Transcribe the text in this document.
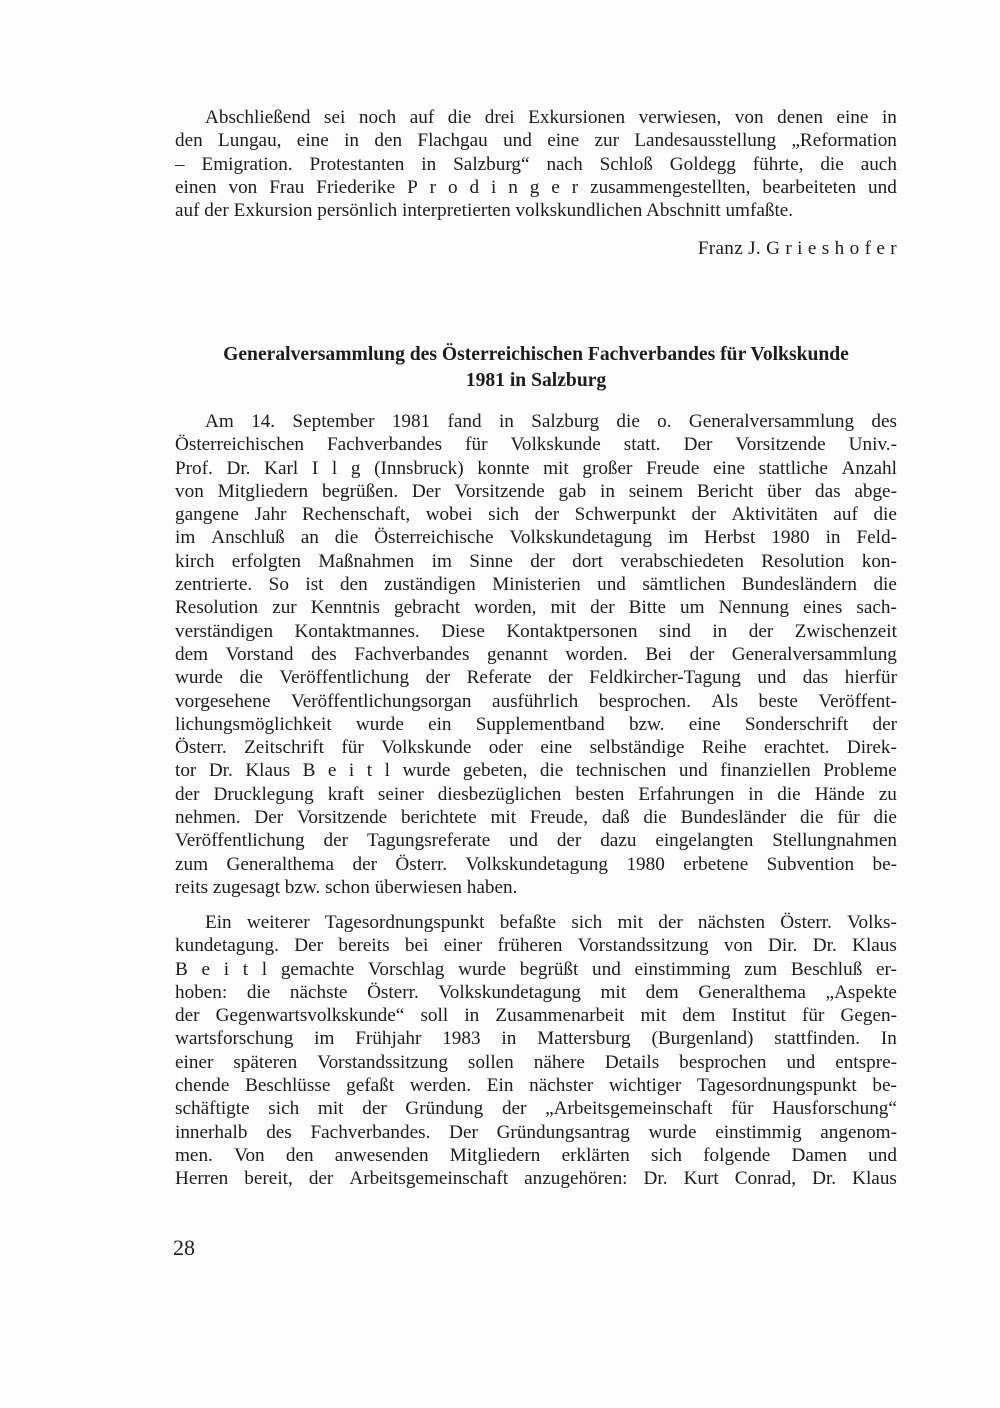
Abschließend sei noch auf die drei Exkursionen verwiesen, von denen eine in
den Lungau, eine in den Flachgau und eine zur Landesausstellung „Reformation
– Emigration. Protestanten in Salzburg“ nach Schloß Goldegg führte, die auch
einen von Frau Friederike P r o d i n g e r zusammengestellten, bearbeiteten und
auf der Exkursion persönlich interpretierten volkskundlichen Abschnitt umfaßte.
Franz J. G r i e s h o f e r
Generalversammlung des Österreichischen Fachverbandes für Volkskunde
1981 in Salzburg
Am 14. September 1981 fand in Salzburg die o. Generalversammlung des
Österreichischen Fachverbandes für Volkskunde statt. Der Vorsitzende Univ.-
Prof. Dr. Karl I l g (Innsbruck) konnte mit großer Freude eine stattliche Anzahl
von Mitgliedern begrüßen. Der Vorsitzende gab in seinem Bericht über das abge-
gangene Jahr Rechenschaft, wobei sich der Schwerpunkt der Aktivitäten auf die
im Anschluß an die Österreichische Volkskundetagung im Herbst 1980 in Feld-
kirch erfolgten Maßnahmen im Sinne der dort verabschiedeten Resolution kon-
zentrierte. So ist den zuständigen Ministerien und sämtlichen Bundesländern die
Resolution zur Kenntnis gebracht worden, mit der Bitte um Nennung eines sach-
verständigen Kontaktmannes. Diese Kontaktpersonen sind in der Zwischenzeit
dem Vorstand des Fachverbandes genannt worden. Bei der Generalversammlung
wurde die Veröffentlichung der Referate der Feldkircher-Tagung und das hierfür
vorgesehene Veröffentlichungsorgan ausführlich besprochen. Als beste Veröffent-
lichungsmöglichkeit wurde ein Supplementband bzw. eine Sonderschrift der
Österr. Zeitschrift für Volkskunde oder eine selbständige Reihe erachtet. Direk-
tor Dr. Klaus B e i t l wurde gebeten, die technischen und finanziellen Probleme
der Drucklegung kraft seiner diesbezüglichen besten Erfahrungen in die Hände zu
nehmen. Der Vorsitzende berichtete mit Freude, daß die Bundesländer die für die
Veröffentlichung der Tagungsreferate und der dazu eingelangten Stellungnahmen
zum Generalthema der Österr. Volkskundetagung 1980 erbetene Subvention be-
reits zugesagt bzw. schon überwiesen haben.
Ein weiterer Tagesordnungspunkt befaßte sich mit der nächsten Österr. Volks-
kundetagung. Der bereits bei einer früheren Vorstandssitzung von Dir. Dr. Klaus
B e i t l gemachte Vorschlag wurde begrüßt und einstimming zum Beschluß er-
hoben: die nächste Österr. Volkskundetagung mit dem Generalthema „Aspekte
der Gegenwartsvolkskunde“ soll in Zusammenarbeit mit dem Institut für Gegen-
wartsforschung im Frühjahr 1983 in Mattersburg (Burgenland) stattfinden. In
einer späteren Vorstandssitzung sollen nähere Details besprochen und entspre-
chende Beschlüsse gefaßt werden. Ein nächster wichtiger Tagesordnungspunkt be-
schäftigte sich mit der Gründung der „Arbeitsgemeinschaft für Hausforschung“
innerhalb des Fachverbandes. Der Gründungsantrag wurde einstimmig angenom-
men. Von den anwesenden Mitgliedern erklärten sich folgende Damen und
Herren bereit, der Arbeitsgemeinschaft anzugehören: Dr. Kurt Conrad, Dr. Klaus
28
